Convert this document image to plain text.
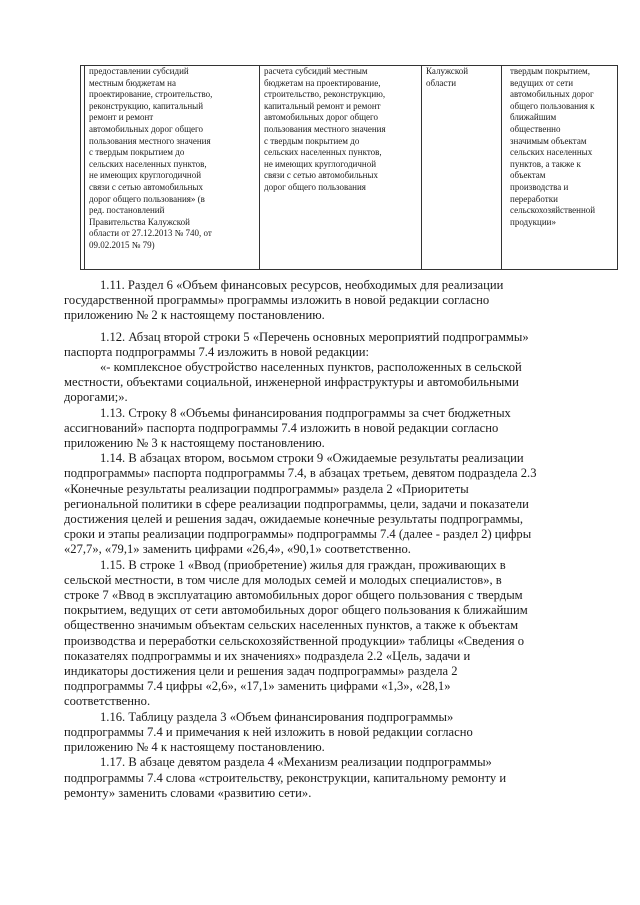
	предоставлении субсидий
местным бюджетам на
проектирование, строительство,
реконструкцию, капитальный
ремонт и ремонт
автомобильных дорог общего
пользования местного значения
с твердым покрытием до
сельских населенных пунктов,
не имеющих круглогодичной
связи с сетью автомобильных
дорог общего пользования» (в
ред. постановлений
Правительства Калужской
области от 27.12.2013 № 740, от
09.02.2015 № 79)	расчета субсидий местным
бюджетам на проектирование,
строительство, реконструкцию,
капитальный ремонт и ремонт
автомобильных дорог общего
пользования местного значения
с твердым покрытием до
сельских населенных пунктов,
не имеющих круглогодичной
связи с сетью автомобильных
дорог общего пользования	Калужской
области	твердым покрытием,
ведущих от сети
автомобильных дорог
общего пользования к
ближайшим
общественно
значимым объектам
сельских населенных
пунктов, а также к
объектам
производства и
переработки
сельскохозяйственной
продукции»

1.11. Раздел 6 «Объем финансовых ресурсов, необходимых для реализации
государственной программы» программы изложить в новой редакции согласно
приложению № 2 к настоящему постановлению.

1.12. Абзац второй строки 5 «Перечень основных мероприятий подпрограммы»
паспорта подпрограммы 7.4 изложить в новой редакции:

«- комплексное обустройство населенных пунктов, расположенных в сельской
местности, объектами социальной, инженерной инфраструктуры и автомобильными
дорогами;».

1.13. Строку 8 «Объемы финансирования подпрограммы за счет бюджетных
ассигнований» паспорта подпрограммы 7.4 изложить в новой редакции согласно
приложению № 3 к настоящему постановлению.

1.14. В абзацах втором, восьмом строки 9 «Ожидаемые результаты реализации
подпрограммы» паспорта подпрограммы 7.4, в абзацах третьем, девятом подраздела 2.3
«Конечные результаты реализации подпрограммы» раздела 2 «Приоритеты
региональной политики в сфере реализации подпрограммы, цели, задачи и показатели
достижения целей и решения задач, ожидаемые конечные результаты подпрограммы,
сроки и этапы реализации подпрограммы» подпрограммы 7.4 (далее - раздел 2) цифры
«27,7», «79,1» заменить цифрами «26,4», «90,1» соответственно.

1.15. В строке 1 «Ввод (приобретение) жилья для граждан, проживающих в
сельской местности, в том числе для молодых семей и молодых специалистов», в
строке 7 «Ввод в эксплуатацию автомобильных дорог общего пользования с твердым
покрытием, ведущих от сети автомобильных дорог общего пользования к ближайшим
общественно значимым объектам сельских населенных пунктов, а также к объектам
производства и переработки сельскохозяйственной продукции» таблицы «Сведения о
показателях подпрограммы и их значениях» подраздела 2.2 «Цель, задачи и
индикаторы достижения цели и решения задач подпрограммы» раздела 2
подпрограммы 7.4 цифры «2,6», «17,1» заменить цифрами «1,3», «28,1»
соответственно.

1.16. Таблицу раздела 3 «Объем финансирования подпрограммы»
подпрограммы 7.4 и примечания к ней изложить в новой редакции согласно
приложению № 4 к настоящему постановлению.

1.17. В абзаце девятом раздела 4 «Механизм реализации подпрограммы»
подпрограммы 7.4 слова «строительству, реконструкции, капитальному ремонту и
ремонту» заменить словами «развитию сети».
